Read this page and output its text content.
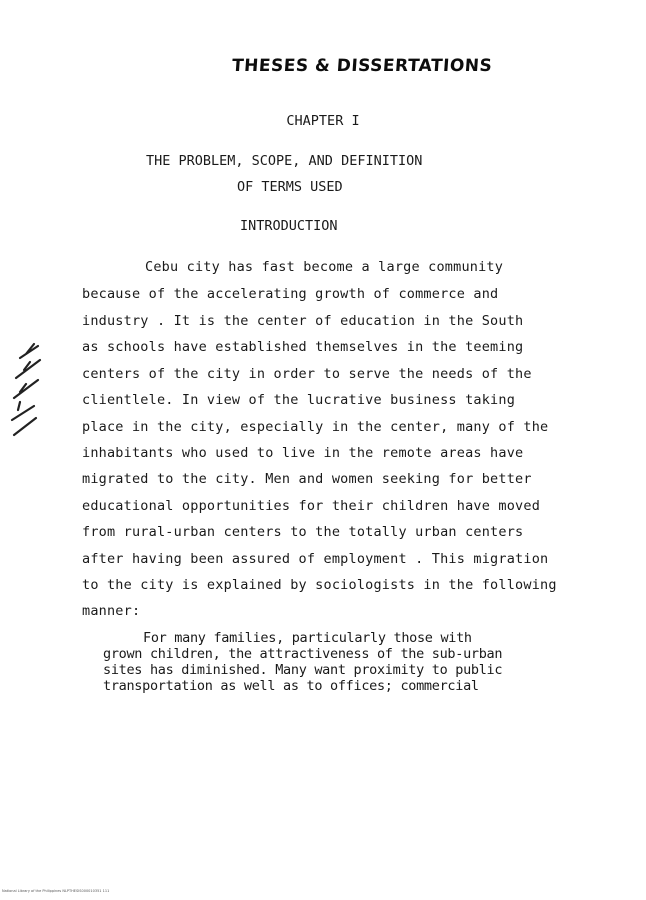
THESES & DISSERTATIONS
CHAPTER I
THE PROBLEM, SCOPE, AND DEFINITION
OF TERMS USED
INTRODUCTION
Cebu city has fast become a large community
because of the accelerating growth of commerce and
industry . It is the center of education in the South
as schools have established themselves in the teeming
centers of the city in order to serve the needs of the
clientlele. In view of the lucrative business taking
place in the city, especially in the center, many of the
inhabitants who used to live in the remote areas have
migrated to the city. Men and women seeking for better
educational opportunities for their children have moved
from rural-urban centers to the totally urban centers
after having been assured of employment . This migration
to the city is explained by sociologists in the following
manner:
For many families, particularly those with
grown children, the attractiveness of the sub-urban
sites has diminished. Many want proximity to public
transportation as well as to offices; commercial
National Library of the Philippines NLPTHESIS000010351 111
